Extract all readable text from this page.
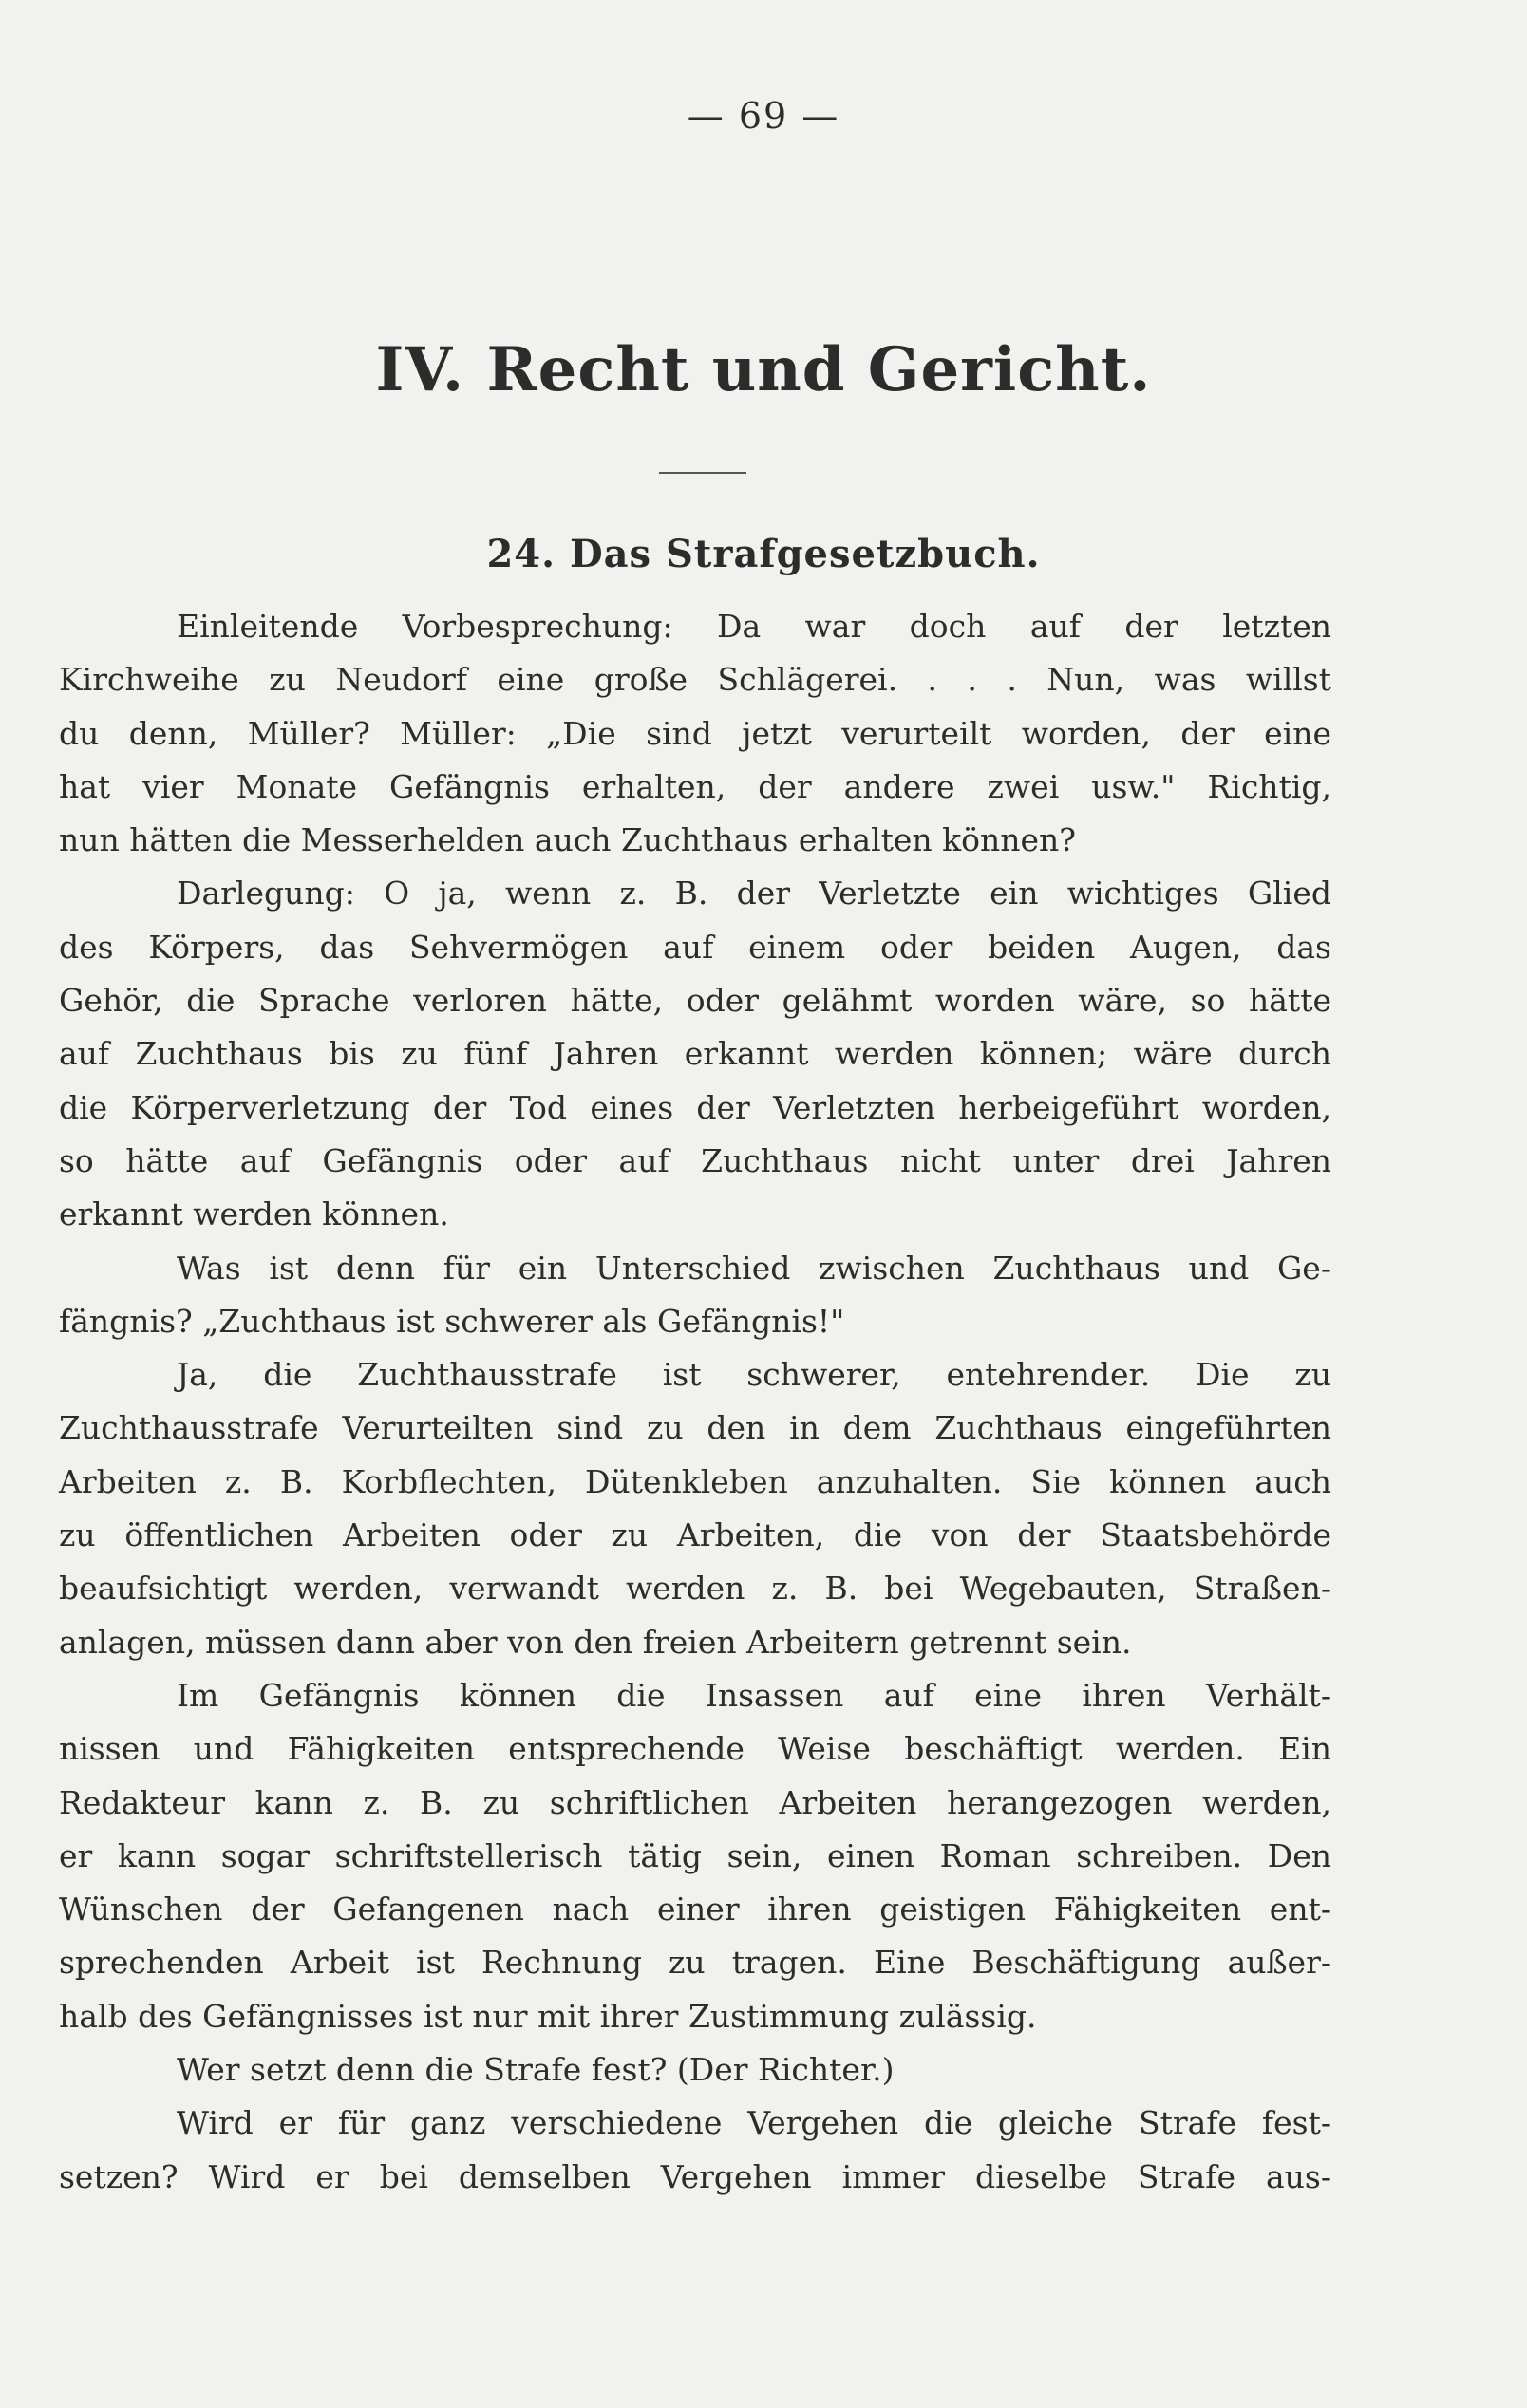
— 69 —
IV. Recht und Gericht.
24. Das Strafgesetzbuch.
Einleitende Vorbesprechung: Da war doch auf der letzten
Kirchweihe zu Neudorf eine große Schlägerei. . . . Nun, was willst
du denn, Müller? Müller: „Die sind jetzt verurteilt worden, der eine
hat vier Monate Gefängnis erhalten, der andere zwei usw." Richtig,
nun hätten die Messerhelden auch Zuchthaus erhalten können?
Darlegung: O ja, wenn z. B. der Verletzte ein wichtiges Glied
des Körpers, das Sehvermögen auf einem oder beiden Augen, das
Gehör, die Sprache verloren hätte, oder gelähmt worden wäre, so hätte
auf Zuchthaus bis zu fünf Jahren erkannt werden können; wäre durch
die Körperverletzung der Tod eines der Verletzten herbeigeführt worden,
so hätte auf Gefängnis oder auf Zuchthaus nicht unter drei Jahren
erkannt werden können.
Was ist denn für ein Unterschied zwischen Zuchthaus und Ge-
fängnis? „Zuchthaus ist schwerer als Gefängnis!"
Ja, die Zuchthausstrafe ist schwerer, entehrender. Die zu
Zuchthausstrafe Verurteilten sind zu den in dem Zuchthaus eingeführten
Arbeiten z. B. Korbflechten, Dütenkleben anzuhalten. Sie können auch
zu öffentlichen Arbeiten oder zu Arbeiten, die von der Staatsbehörde
beaufsichtigt werden, verwandt werden z. B. bei Wegebauten, Straßen-
anlagen, müssen dann aber von den freien Arbeitern getrennt sein.
Im Gefängnis können die Insassen auf eine ihren Verhält-
nissen und Fähigkeiten entsprechende Weise beschäftigt werden. Ein
Redakteur kann z. B. zu schriftlichen Arbeiten herangezogen werden,
er kann sogar schriftstellerisch tätig sein, einen Roman schreiben. Den
Wünschen der Gefangenen nach einer ihren geistigen Fähigkeiten ent-
sprechenden Arbeit ist Rechnung zu tragen. Eine Beschäftigung außer-
halb des Gefängnisses ist nur mit ihrer Zustimmung zulässig.
Wer setzt denn die Strafe fest? (Der Richter.)
Wird er für ganz verschiedene Vergehen die gleiche Strafe fest-
setzen? Wird er bei demselben Vergehen immer dieselbe Strafe aus-
